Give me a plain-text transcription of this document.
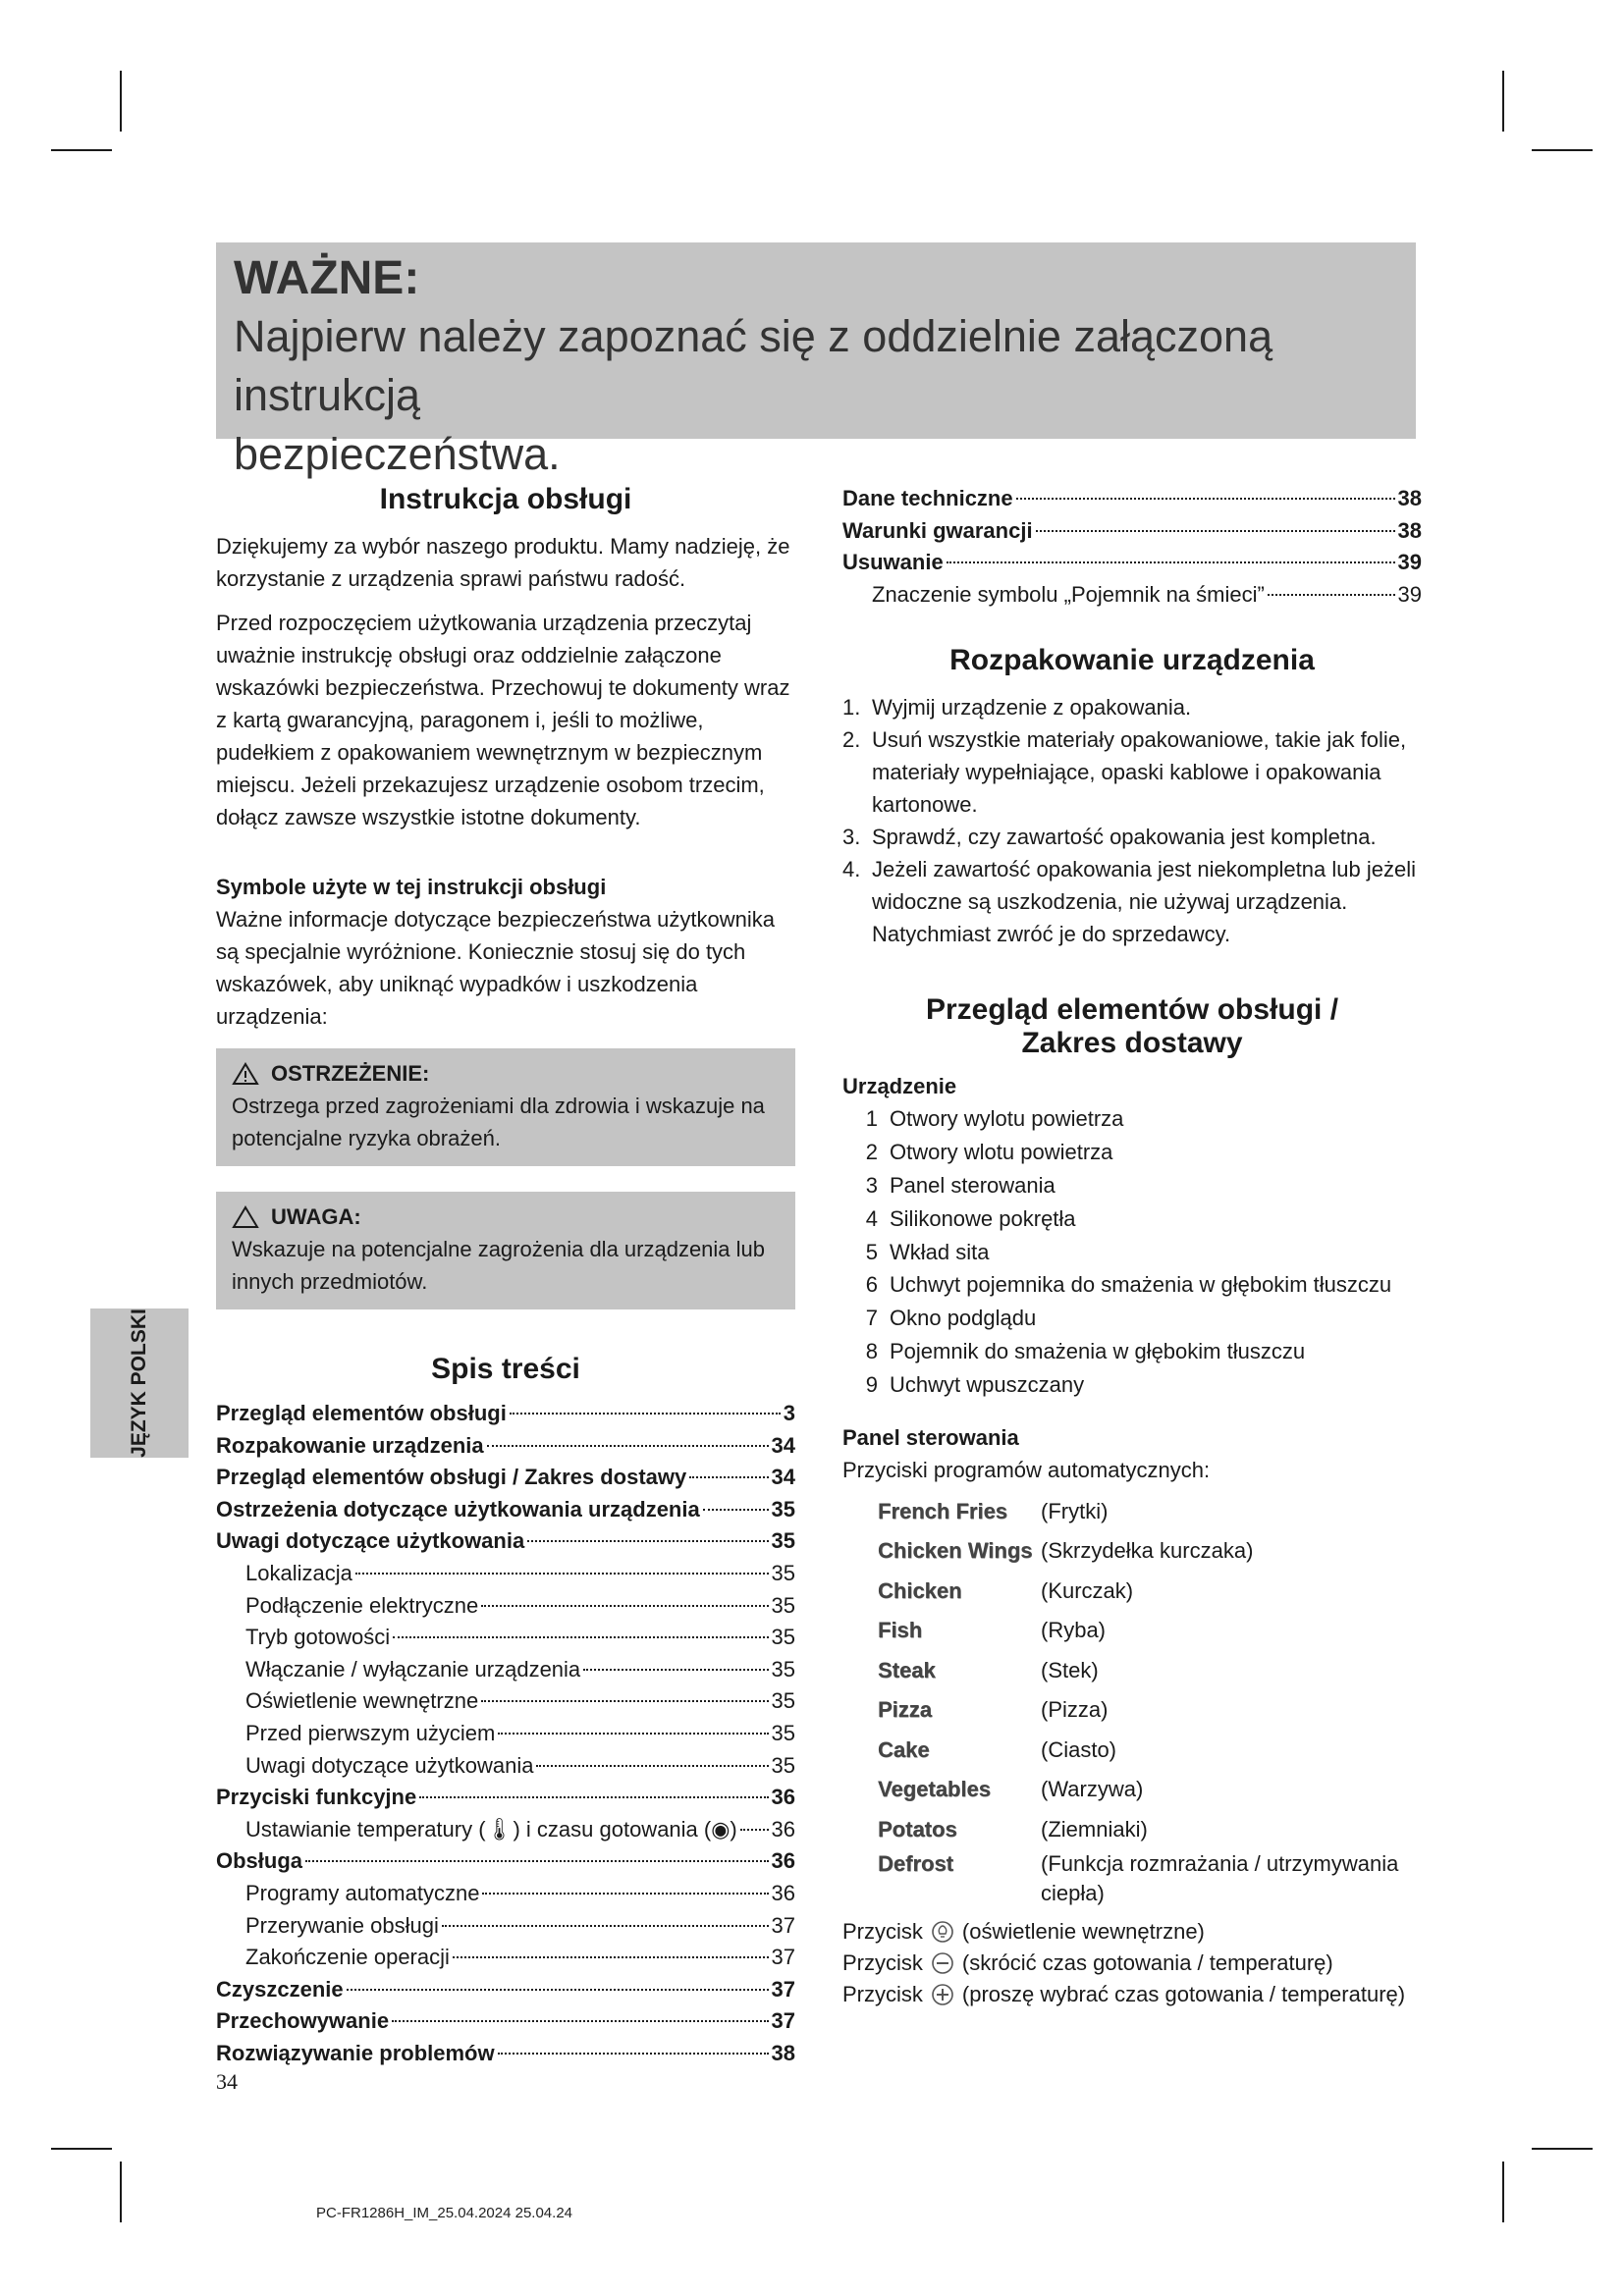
WAŻNE:
Najpierw należy zapoznać się z oddzielnie załączoną instrukcją
bezpieczeństwa.
Instrukcja obsługi

Dziękujemy za wybór naszego produktu. Mamy nadzieję, że korzystanie z urządzenia sprawi państwu radość.

Przed rozpoczęciem użytkowania urządzenia przeczytaj uważnie instrukcję obsługi oraz oddzielnie załączone wskazówki bezpieczeństwa. Przechowuj te dokumenty wraz z kartą gwarancyjną, paragonem i, jeśli to możliwe, pudełkiem z opakowaniem wewnętrznym w bezpiecznym miejscu. Jeżeli przekazujesz urządzenie osobom trzecim, dołącz zawsze wszystkie istotne dokumenty.

Symbole użyte w tej instrukcji obsługi

Ważne informacje dotyczące bezpieczeństwa użytkownika są specjalnie wyróżnione. Koniecznie stosuj się do tych wskazówek, aby uniknąć wypadków i uszkodzenia urządzenia:

OSTRZEŻENIE:
Ostrzega przed zagrożeniami dla zdrowia i wskazuje na potencjalne ryzyka obrażeń.
UWAGA:
Wskazuje na potencjalne zagrożenia dla urządzenia lub innych przedmiotów.
Spis treści
Przegląd elementów obsługi	3
Rozpakowanie urządzenia	34
Przegląd elementów obsługi / Zakres dostawy	34
Ostrzeżenia dotyczące użytkowania urządzenia	35
Uwagi dotyczące użytkowania	35
Lokalizacja	35
Podłączenie elektryczne	35
Tryb gotowości	35
Włączanie / wyłączanie urządzenia	35
Oświetlenie wewnętrzne	35
Przed pierwszym użyciem	35
Uwagi dotyczące użytkowania	35
Przyciski funkcyjne	36
Ustawianie temperatury (🌡) i czasu gotowania (◉) 36
Obsługa	36
Programy automatyczne	36
Przerywanie obsługi	37
Zakończenie operacji	37
Czyszczenie	37
Przechowywanie	37
Rozwiązywanie problemów	38
Dane techniczne	38
Warunki gwarancji	38
Usuwanie	39
Znaczenie symbolu „Pojemnik na śmieci”	39
Rozpakowanie urządzenia
1. Wyjmij urządzenie z opakowania.
2. Usuń wszystkie materiały opakowaniowe, takie jak folie, materiały wypełniające, opaski kablowe i opakowania kartonowe.
3. Sprawdź, czy zawartość opakowania jest kompletna.
4. Jeżeli zawartość opakowania jest niekompletna lub jeżeli widoczne są uszkodzenia, nie używaj urządzenia. Natychmiast zwróć je do sprzedawcy.
Przegląd elementów obsługi /
Zakres dostawy
Urządzenie
1 Otwory wylotu powietrza
2 Otwory wlotu powietrza
3 Panel sterowania
4 Silikonowe pokrętła
5 Wkład sita
6 Uchwyt pojemnika do smażenia w głębokim tłuszczu
7 Okno podglądu
8 Pojemnik do smażenia w głębokim tłuszczu
9 Uchwyt wpuszczany
Panel sterowania

Przyciski programów automatycznych:

French Fries	(Frytki)
Chicken Wings (Skrzydełka kurczaka)
Chicken	(Kurczak)
Fish	(Ryba)
Steak	(Stek)
Pizza	(Pizza)
Cake	(Ciasto)
Vegetables	(Warzywa)
Potatos	(Ziemniaki)
Defrost	(Funkcja rozmrażania / utrzymywania ciepła)
Przycisk (oświetlenie wewnętrzne)
Przycisk (skrócić czas gotowania / temperaturę)
Przycisk (proszę wybrać czas gotowania / temperaturę)
JĘZYK POLSKI
34
PC-FR1286H_IM_25.04.2024 25.04.24
